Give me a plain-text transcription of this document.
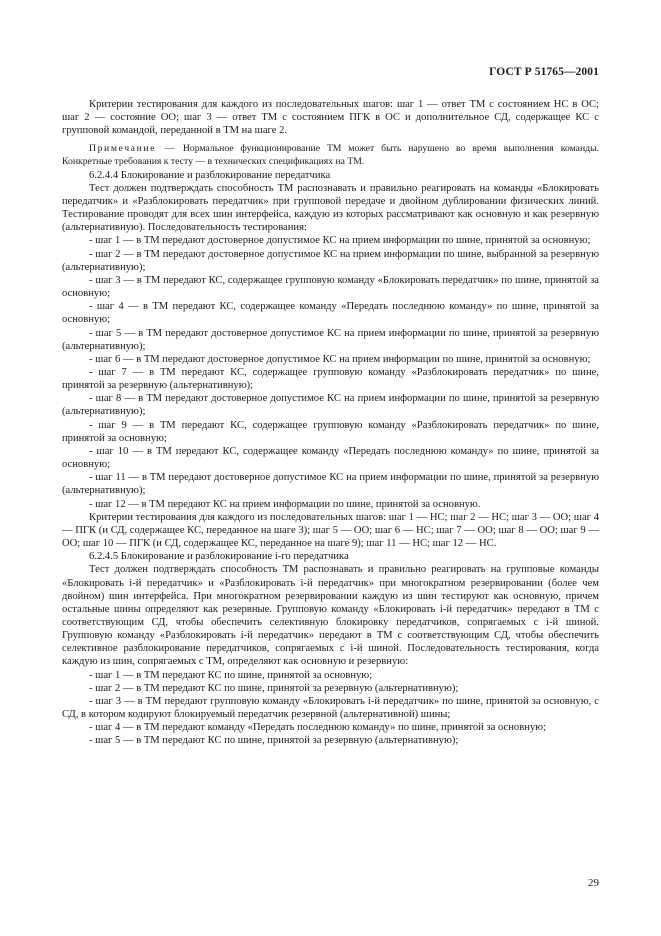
ГОСТ Р 51765—2001

Критерии тестирования для каждого из последовательных шагов: шаг 1 — ответ ТМ с состоянием НС в ОС; шаг 2 — состояние ОО; шаг 3 — ответ ТМ с состоянием ПГК в ОС и дополнительное СД, содержащее КС с групповой командой, переданной в ТМ на шаге 2.

Примечание — Нормальное функционирование ТМ может быть нарушено во время выполнения команды. Конкретные требования к тесту — в технических спецификациях на ТМ.

6.2.4.4 Блокирование и разблокирование передатчика

Тест должен подтверждать способность ТМ распознавать и правильно реагировать на команды «Блокировать передатчик» и «Разблокировать передатчик» при групповой передаче и двойном дублировании физических линий. Тестирование проводят для всех шин интерфейса, каждую из которых рассматривают как основную и как резервную (альтернативную). Последовательность тестирования:

- шаг 1 — в ТМ передают достоверное допустимое КС на прием информации по шине, принятой за основную;

- шаг 2 — в ТМ передают достоверное допустимое КС на прием информации по шине, выбранной за резервную (альтернативную);

- шаг 3 — в ТМ передают КС, содержащее групповую команду «Блокировать передатчик» по шине, принятой за основную;

- шаг 4 — в ТМ передают КС, содержащее команду «Передать последнюю команду» по шине, принятой за основную;

- шаг 5 — в ТМ передают достоверное допустимое КС на прием информации по шине, принятой за резервную (альтернативную);

- шаг 6 — в ТМ передают достоверное допустимое КС на прием информации по шине, принятой за основную;

- шаг 7 — в ТМ передают КС, содержащее групповую команду «Разблокировать передатчик» по шине, принятой за резервную (альтернативную);

- шаг 8 — в ТМ передают достоверное допустимое КС на прием информации по шине, принятой за резервную (альтернативную);

- шаг 9 — в ТМ передают КС, содержащее групповую команду «Разблокировать передатчик» по шине, принятой за основную;

- шаг 10 — в ТМ передают КС, содержащее команду «Передать последнюю команду» по шине, принятой за основную;

- шаг 11 — в ТМ передают достоверное допустимое КС на прием информации по шине, принятой за резервную (альтернативную);

- шаг 12 — в ТМ передают КС на прием информации по шине, принятой за основную.

Критерии тестирования для каждого из последовательных шагов: шаг 1 — НС; шаг 2 — НС; шаг 3 — ОО; шаг 4 — ПГК (и СД, содержащее КС, переданное на шаге 3); шаг 5 — ОО; шаг 6 — НС; шаг 7 — ОО; шаг 8 — ОО; шаг 9 — ОО; шаг 10 — ПГК (и СД, содержащее КС, переданное на шаге 9); шаг 11 — НС; шаг 12 — НС.

6.2.4.5 Блокирование и разблокирование i-го передатчика

Тест должен подтверждать способность ТМ распознавать и правильно реагировать на групповые команды «Блокировать i-й передатчик» и «Разблокировать i-й передатчик» при многократном резервировании (более чем двойном) шин интерфейса. При многократном резервировании каждую из шин тестируют как основную, причем остальные шины определяют как резервные. Групповую команду «Блокировать i-й передатчик» передают в ТМ с соответствующим СД, чтобы обеспечить селективную блокировку передатчиков, сопрягаемых с i-й шиной. Групповую команду «Разблокировать i-й передатчик» передают в ТМ с соответствующим СД, чтобы обеспечить селективное разблокирование передатчиков, сопрягаемых с i-й шиной. Последовательность тестирования, когда каждую из шин, сопрягаемых с ТМ, определяют как основную и резервную:

- шаг 1 — в ТМ передают КС по шине, принятой за основную;

- шаг 2 — в ТМ передают КС по шине, принятой за резервную (альтернативную);

- шаг 3 — в ТМ передают групповую команду «Блокировать i-й передатчик» по шине, принятой за основную, с СД, в котором кодируют блокируемый передатчик резервной (альтернативной) шины;

- шаг 4 — в ТМ передают команду «Передать последнюю команду» по шине, принятой за основную;

- шаг 5 — в ТМ передают КС по шине, принятой за резервную (альтернативную);

29
